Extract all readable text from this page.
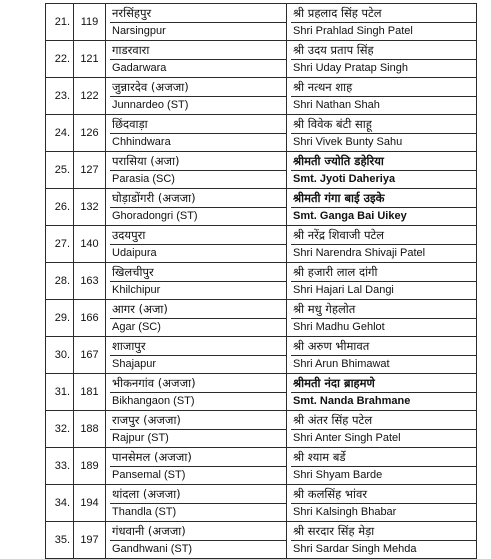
21. 119
नरसिंहपुर
Narsingpur
श्री प्रहलाद सिंह पटेल
Shri Prahlad Singh Patel
22. 121
गाडरवारा
Gadarwara
श्री उदय प्रताप सिंह
Shri Uday Pratap Singh
23. 122
जुन्नारदेव (अजजा)
Junnardeo (ST)
श्री नत्थन शाह
Shri Nathan Shah
24. 126
छिंदवाड़ा
Chhindwara
श्री विवेक बंटी साहू
Shri Vivek Bunty Sahu
25. 127
परासिया (अजा)
Parasia (SC)
श्रीमती ज्योति डहेरिया
Smt. Jyoti Daheriya
26. 132
घोड़ाडोंगरी (अजजा)
Ghoradongri (ST)
श्रीमती गंगा बाई उइके
Smt. Ganga Bai Uikey
27. 140
उदयपुरा
Udaipura
श्री नरेंद्र शिवाजी पटेल
Shri Narendra Shivaji Patel
28. 163
खिलचीपुर
Khilchipur
श्री हजारी लाल दांगी
Shri Hajari Lal Dangi
29. 166
आगर (अजा)
Agar (SC)
श्री मधु गेहलोत
Shri Madhu Gehlot
30. 167
शाजापुर
Shajapur
श्री अरुण भीमावत
Shri Arun Bhimawat
31. 181
भीकनगांव (अजजा)
Bikhangaon (ST)
श्रीमती नंदा ब्राहमणे
Smt. Nanda Brahmane
32. 188
राजपुर (अजजा)
Rajpur (ST)
श्री अंतर सिंह पटेल
Shri Anter Singh Patel
33. 189
पानसेमल (अजजा)
Pansemal (ST)
श्री श्याम बर्डे
Shri Shyam Barde
34. 194
थांदला (अजजा)
Thandla (ST)
श्री कलसिंह भांवर
Shri Kalsingh Bhabar
35. 197
गंधवानी (अजजा)
Gandhwani (ST)
श्री सरदार सिंह मेड़ा
Shri Sardar Singh Mehda
